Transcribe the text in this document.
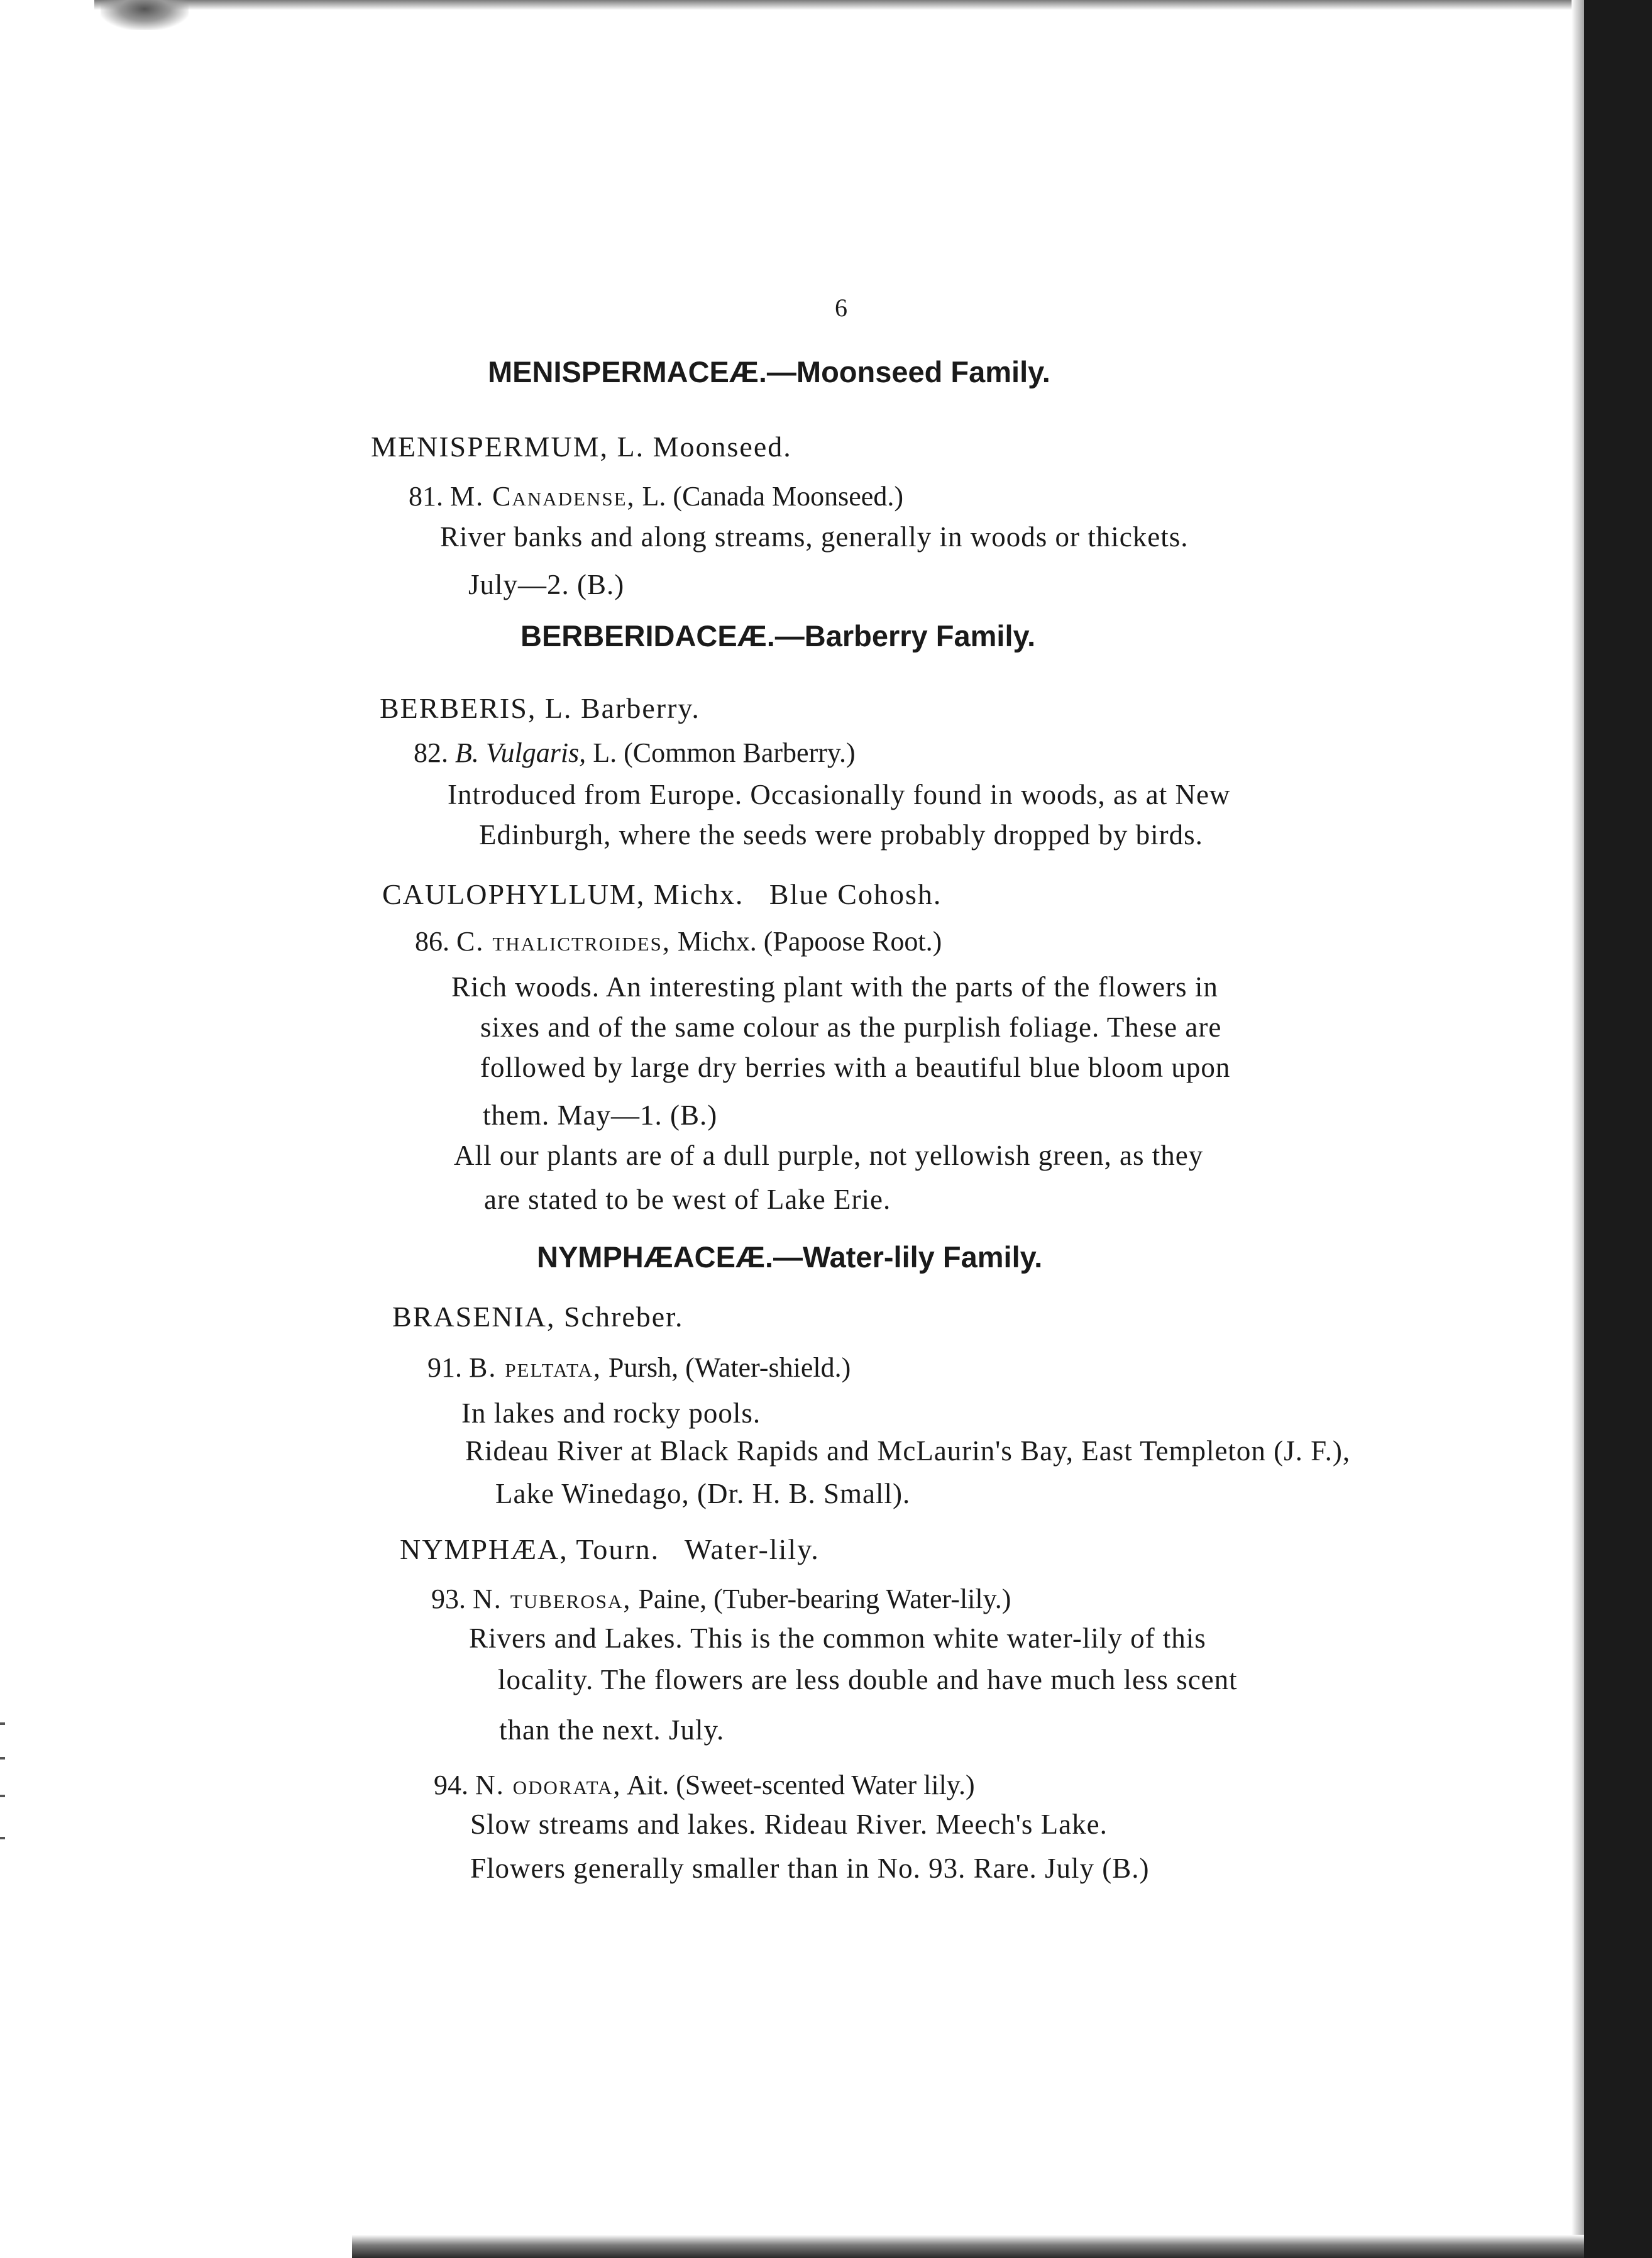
6
MENISPERMACEÆ.—Moonseed Family.
MENISPERMUM, L. Moonseed.
81. M. Canadense, L. (Canada Moonseed.)
River banks and along streams, generally in woods or thickets.
July—2. (B.)
BERBERIDACEÆ.—Barberry Family.
BERBERIS, L. Barberry.
82. B. Vulgaris, L. (Common Barberry.)
Introduced from Europe. Occasionally found in woods, as at New
Edinburgh, where the seeds were probably dropped by birds.
CAULOPHYLLUM, Michx. Blue Cohosh.
86. C. thalictroides, Michx. (Papoose Root.)
Rich woods. An interesting plant with the parts of the flowers in
sixes and of the same colour as the purplish foliage. These are
followed by large dry berries with a beautiful blue bloom upon
them. May—1. (B.)
All our plants are of a dull purple, not yellowish green, as they
are stated to be west of Lake Erie.
NYMPHÆACEÆ.—Water-lily Family.
BRASENIA, Schreber.
91. B. peltata, Pursh, (Water-shield.)
In lakes and rocky pools.
Rideau River at Black Rapids and McLaurin's Bay, East Templeton (J. F.), Lake Winedago, (Dr. H. B. Small).
NYMPHÆA, Tourn. Water-lily.
93. N. tuberosa, Paine, (Tuber-bearing Water-lily.)
Rivers and Lakes. This is the common white water-lily of this
locality. The flowers are less double and have much less scent
than the next. July.
94. N. odorata, Ait. (Sweet-scented Water lily.)
Slow streams and lakes. Rideau River. Meech's Lake.
Flowers generally smaller than in No. 93. Rare. July (B.)
